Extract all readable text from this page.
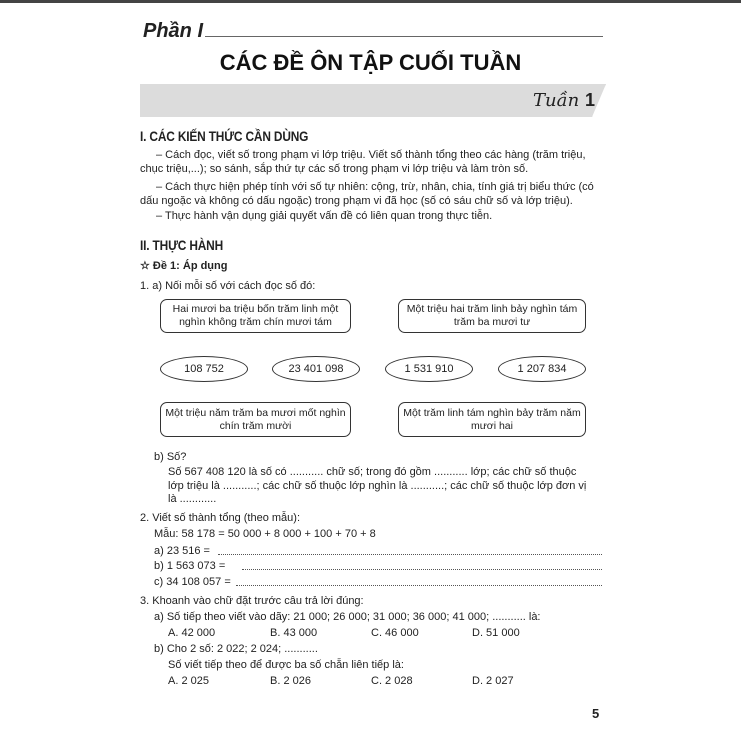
Phần I
CÁC ĐỀ ÔN TẬP CUỐI TUẦN
Tuần 1
I. CÁC KIẾN THỨC CẦN DÙNG
– Cách đọc, viết số trong phạm vi lớp triệu. Viết số thành tổng theo các hàng (trăm triệu,
chục triệu,...); so sánh, sắp thứ tự các số trong phạm vi lớp triệu và làm tròn số.
– Cách thực hiện phép tính với số tự nhiên: cộng, trừ, nhân, chia, tính giá trị biểu thức (có
dấu ngoặc và không có dấu ngoặc) trong phạm vi đã học (số có sáu chữ số và lớp triệu).
– Thực hành vận dụng giải quyết vấn đề có liên quan trong thực tiễn.
II. THỰC HÀNH
☆ Đề 1: Áp dụng
1. a) Nối mỗi số với cách đọc số đó:
Hai mươi ba triệu bốn trăm linh một nghìn không trăm chín mươi tám
Một triệu hai trăm linh bảy nghìn tám trăm ba mươi tư
108 752	23 401 098	1 531 910	1 207 834
Một triệu năm trăm ba mươi mốt nghìn chín trăm mười
Một trăm linh tám nghìn bảy trăm năm mươi hai
b) Số?
Số 567 408 120 là số có ........... chữ số; trong đó gồm ........... lớp; các chữ số thuộc
lớp triệu là ...........; các chữ số thuộc lớp nghìn là ...........; các chữ số thuộc lớp đơn vị
là ............
2. Viết số thành tổng (theo mẫu):
Mẫu: 58 178 = 50 000 + 8 000 + 100 + 70 + 8
a) 23 516 =
b) 1 563 073 =
c) 34 108 057 =
3. Khoanh vào chữ đặt trước câu trả lời đúng:
a) Số tiếp theo viết vào dãy: 21 000; 26 000; 31 000; 36 000; 41 000; ........... là:
A. 42 000	B. 43 000	C. 46 000	D. 51 000
b) Cho 2 số: 2 022; 2 024; ...........
Số viết tiếp theo để được ba số chẵn liên tiếp là:
A. 2 025	B. 2 026	C. 2 028	D. 2 027
5
